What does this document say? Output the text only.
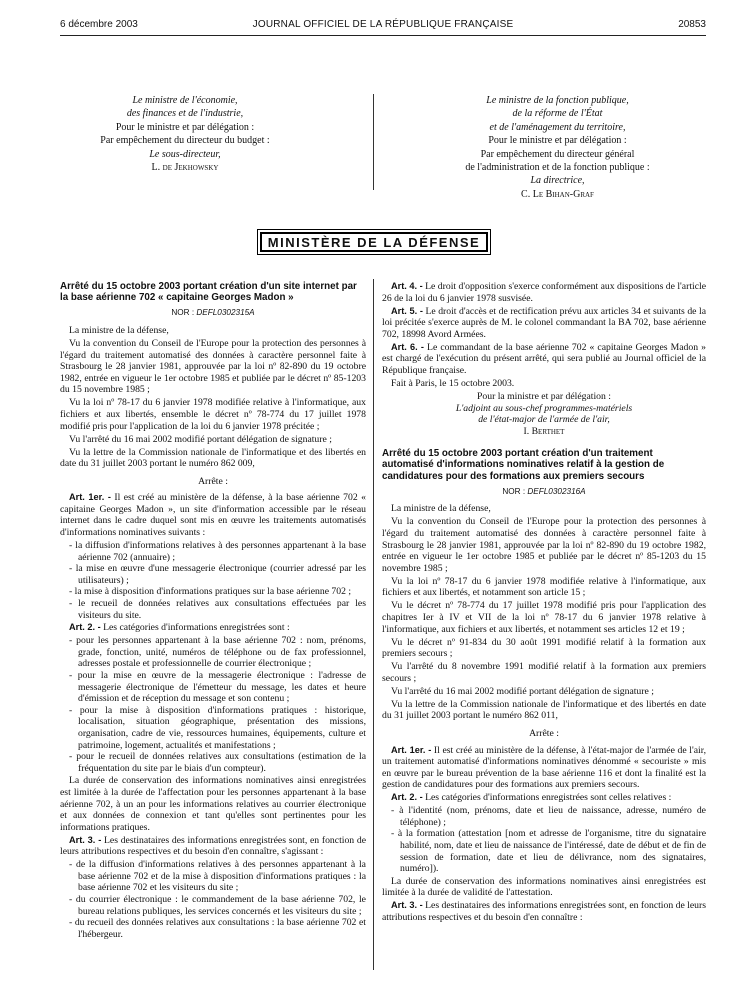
6 décembre 2003	JOURNAL OFFICIEL DE LA RÉPUBLIQUE FRANÇAISE	20853
Le ministre de l'économie,
des finances et de l'industrie,
Pour le ministre et par délégation :
Par empêchement du directeur du budget :
Le sous-directeur,
L. de Jekhowsky
Le ministre de la fonction publique,
de la réforme de l'État
et de l'aménagement du territoire,
Pour le ministre et par délégation :
Par empêchement du directeur général
de l'administration et de la fonction publique :
La directrice,
C. Le Bihan-Graf
MINISTÈRE DE LA DÉFENSE

Arrêté du 15 octobre 2003 portant création d'un site internet par la base aérienne 702 « capitaine Georges Madon »

NOR : DEFL0302315A

La ministre de la défense,

Vu la convention du Conseil de l'Europe pour la protection des personnes à l'égard du traitement automatisé des données à caractère personnel faite à Strasbourg le 28 janvier 1981, approuvée par la loi nº 82-890 du 19 octobre 1982, entrée en vigueur le 1er octobre 1985 et publiée par le décret nº 85-1203 du 15 novembre 1985 ;

Vu la loi nº 78-17 du 6 janvier 1978 modifiée relative à l'informatique, aux fichiers et aux libertés, ensemble le décret nº 78-774 du 17 juillet 1978 modifié pris pour l'application de la loi du 6 janvier 1978 précitée ;

Vu l'arrêté du 16 mai 2002 modifié portant délégation de signature ;

Vu la lettre de la Commission nationale de l'informatique et des libertés en date du 31 juillet 2003 portant le numéro 862 009,

Arrête :

Art. 1er. - Il est créé au ministère de la défense, à la base aérienne 702 « capitaine Georges Madon », un site d'information accessible par le réseau internet dans le cadre duquel sont mis en œuvre les traitements automatisés d'informations nominatives suivants :

- la diffusion d'informations relatives à des personnes appartenant à la base aérienne 702 (annuaire) ;
- la mise en œuvre d'une messagerie électronique (courrier adressé par les utilisateurs) ;
- la mise à disposition d'informations pratiques sur la base aérienne 702 ;
- le recueil de données relatives aux consultations effectuées par les visiteurs du site.

Art. 2. - Les catégories d'informations enregistrées sont :

- pour les personnes appartenant à la base aérienne 702 : nom, prénoms, grade, fonction, unité, numéros de téléphone ou de fax professionnel, adresses postale et professionnelle de courrier électronique ;
- pour la mise en œuvre de la messagerie électronique : l'adresse de messagerie électronique de l'émetteur du message, les dates et heure d'émission et de réception du message et son contenu ;
- pour la mise à disposition d'informations pratiques : historique, localisation, situation géographique, présentation des missions, organisation, cadre de vie, ressources humaines, équipements, culture et patrimoine, logement, actualités et manifestations ;
- pour le recueil de données relatives aux consultations (estimation de la fréquentation du site par le biais d'un compteur).

La durée de conservation des informations nominatives ainsi enregistrées est limitée à la durée de l'affectation pour les personnes appartenant à la base aérienne 702, à un an pour les informations relatives au courrier électronique et aux données de connexion et tant qu'elles sont pertinentes pour les informations pratiques.

Art. 3. - Les destinataires des informations enregistrées sont, en fonction de leurs attributions respectives et du besoin d'en connaître, s'agissant :

- de la diffusion d'informations relatives à des personnes appartenant à la base aérienne 702 et de la mise à disposition d'informations pratiques : la base aérienne 702 et les visiteurs du site ;
- du courrier électronique : le commandement de la base aérienne 702, le bureau relations publiques, les services concernés et les visiteurs du site ;
- du recueil des données relatives aux consultations : la base aérienne 702 et l'hébergeur.

Art. 4. - Le droit d'opposition s'exerce conformément aux dispositions de l'article 26 de la loi du 6 janvier 1978 susvisée.

Art. 5. - Le droit d'accès et de rectification prévu aux articles 34 et suivants de la loi précitée s'exerce auprès de M. le colonel commandant la BA 702, base aérienne 702, 18998 Avord Armées.

Art. 6. - Le commandant de la base aérienne 702 « capitaine Georges Madon » est chargé de l'exécution du présent arrêté, qui sera publié au Journal officiel de la République française.

Fait à Paris, le 15 octobre 2003.

Pour la ministre et par délégation :

L'adjoint au sous-chef programmes-matériels

de l'état-major de l'armée de l'air,

I. Berthet

Arrêté du 15 octobre 2003 portant création d'un traitement automatisé d'informations nominatives relatif à la gestion de candidatures pour des formations aux premiers secours

NOR : DEFL0302316A

La ministre de la défense,

Vu la convention du Conseil de l'Europe pour la protection des personnes à l'égard du traitement automatisé des données à caractère personnel faite à Strasbourg le 28 janvier 1981, approuvée par la loi nº 82-890 du 19 octobre 1982, entrée en vigueur le 1er octobre 1985 et publiée par le décret nº 85-1203 du 15 novembre 1985 ;

Vu la loi nº 78-17 du 6 janvier 1978 modifiée relative à l'informatique, aux fichiers et aux libertés, et notamment son article 15 ;

Vu le décret nº 78-774 du 17 juillet 1978 modifié pris pour l'application des chapitres Ier à IV et VII de la loi nº 78-17 du 6 janvier 1978 relative à l'informatique, aux fichiers et aux libertés, et notamment ses articles 12 et 19 ;

Vu le décret nº 91-834 du 30 août 1991 modifié relatif à la formation aux premiers secours ;

Vu l'arrêté du 8 novembre 1991 modifié relatif à la formation aux premiers secours ;

Vu l'arrêté du 16 mai 2002 modifié portant délégation de signature ;

Vu la lettre de la Commission nationale de l'informatique et des libertés en date du 31 juillet 2003 portant le numéro 862 011,

Arrête :

Art. 1er. - Il est créé au ministère de la défense, à l'état-major de l'armée de l'air, un traitement automatisé d'informations nominatives dénommé « secouriste » mis en œuvre par le bureau prévention de la base aérienne 116 et dont la finalité est la gestion de candidatures pour des formations aux premiers secours.

Art. 2. - Les catégories d'informations enregistrées sont celles relatives :

- à l'identité (nom, prénoms, date et lieu de naissance, adresse, numéro de téléphone) ;
- à la formation (attestation [nom et adresse de l'organisme, titre du signataire habilité, nom, date et lieu de naissance de l'intéressé, date de début et de fin de session de formation, date et lieu de délivrance, nom des signataires, numéro]).

La durée de conservation des informations nominatives ainsi enregistrées est limitée à la durée de validité de l'attestation.

Art. 3. - Les destinataires des informations enregistrées sont, en fonction de leurs attributions respectives et du besoin d'en connaître :
